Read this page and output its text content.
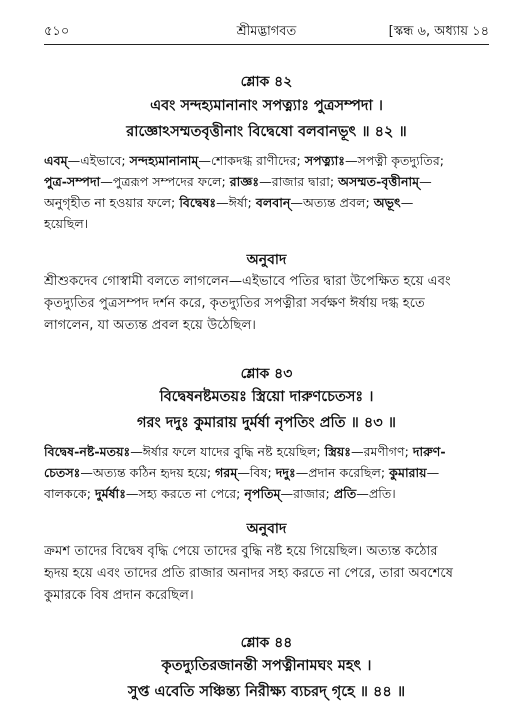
৫১০	শ্রীমদ্ভাগবত	[স্কন্ধ ৬, অধ্যায় ১৪
শ্লোক ৪২
এবং সন্দহ্যমানানাং সপত্ন্যাঃ পুত্রসম্পদা ।
রাজ্ঞোঽসম্মতবৃত্তীনাং বিদ্বেষো বলবানভূৎ ॥ ৪২ ॥
এবম্—এইভাবে; সন্দহ্যমানানাম্—শোকদগ্ধ রাণীদের; সপত্ন্যাঃ—সপত্নী কৃতদ্যুতির;
পুত্র-সম্পদা—পুত্ররূপ সম্পদের ফলে; রাজ্ঞঃ—রাজার দ্বারা; অসম্মত-বৃত্তীনাম্—
অনুগৃহীত না হওয়ার ফলে; বিদ্বেষঃ—ঈর্ষা; বলবান্—অত্যন্ত প্রবল; অভূৎ—
হয়েছিল।
অনুবাদ
শ্রীশুকদেব গোস্বামী বলতে লাগলেন—এইভাবে পতির দ্বারা উপেক্ষিত হয়ে এবং
কৃতদ্যুতির পুত্রসম্পদ দর্শন করে, কৃতদ্যুতির সপত্নীরা সর্বক্ষণ ঈর্ষায় দগ্ধ হতে
লাগলেন, যা অত্যন্ত প্রবল হয়ে উঠেছিল।
শ্লোক ৪৩
বিদ্বেষনষ্টমতয়ঃ স্ত্রিয়ো দারুণচেতসঃ ।
গরং দদুঃ কুমারায় দুর্মর্ষা নৃপতিং প্রতি ॥ ৪৩ ॥
বিদ্বেষ-নষ্ট-মতয়ঃ—ঈর্ষার ফলে যাদের বুদ্ধি নষ্ট হয়েছিল; স্ত্রিয়ঃ—রমণীগণ; দারুণ-
চেতসঃ—অত্যন্ত কঠিন হৃদয় হয়ে; গরম্—বিষ; দদুঃ—প্রদান করেছিল; কুমারায়—
বালককে; দুর্মর্ষাঃ—সহ্য করতে না পেরে; নৃপতিম্—রাজার; প্রতি—প্রতি।
অনুবাদ
ক্রমশ তাদের বিদ্বেষ বৃদ্ধি পেয়ে তাদের বুদ্ধি নষ্ট হয়ে গিয়েছিল। অত্যন্ত কঠোর
হৃদয় হয়ে এবং তাদের প্রতি রাজার অনাদর সহ্য করতে না পেরে, তারা অবশেষে
কুমারকে বিষ প্রদান করেছিল।
শ্লোক ৪৪
কৃতদ্যুতিরজানন্তী সপত্নীনামঘং মহৎ ।
সুপ্ত এবেতি সঞ্চিন্ত্য নিরীক্ষ্য ব্যচরদ্ গৃহে ॥ ৪৪ ॥
